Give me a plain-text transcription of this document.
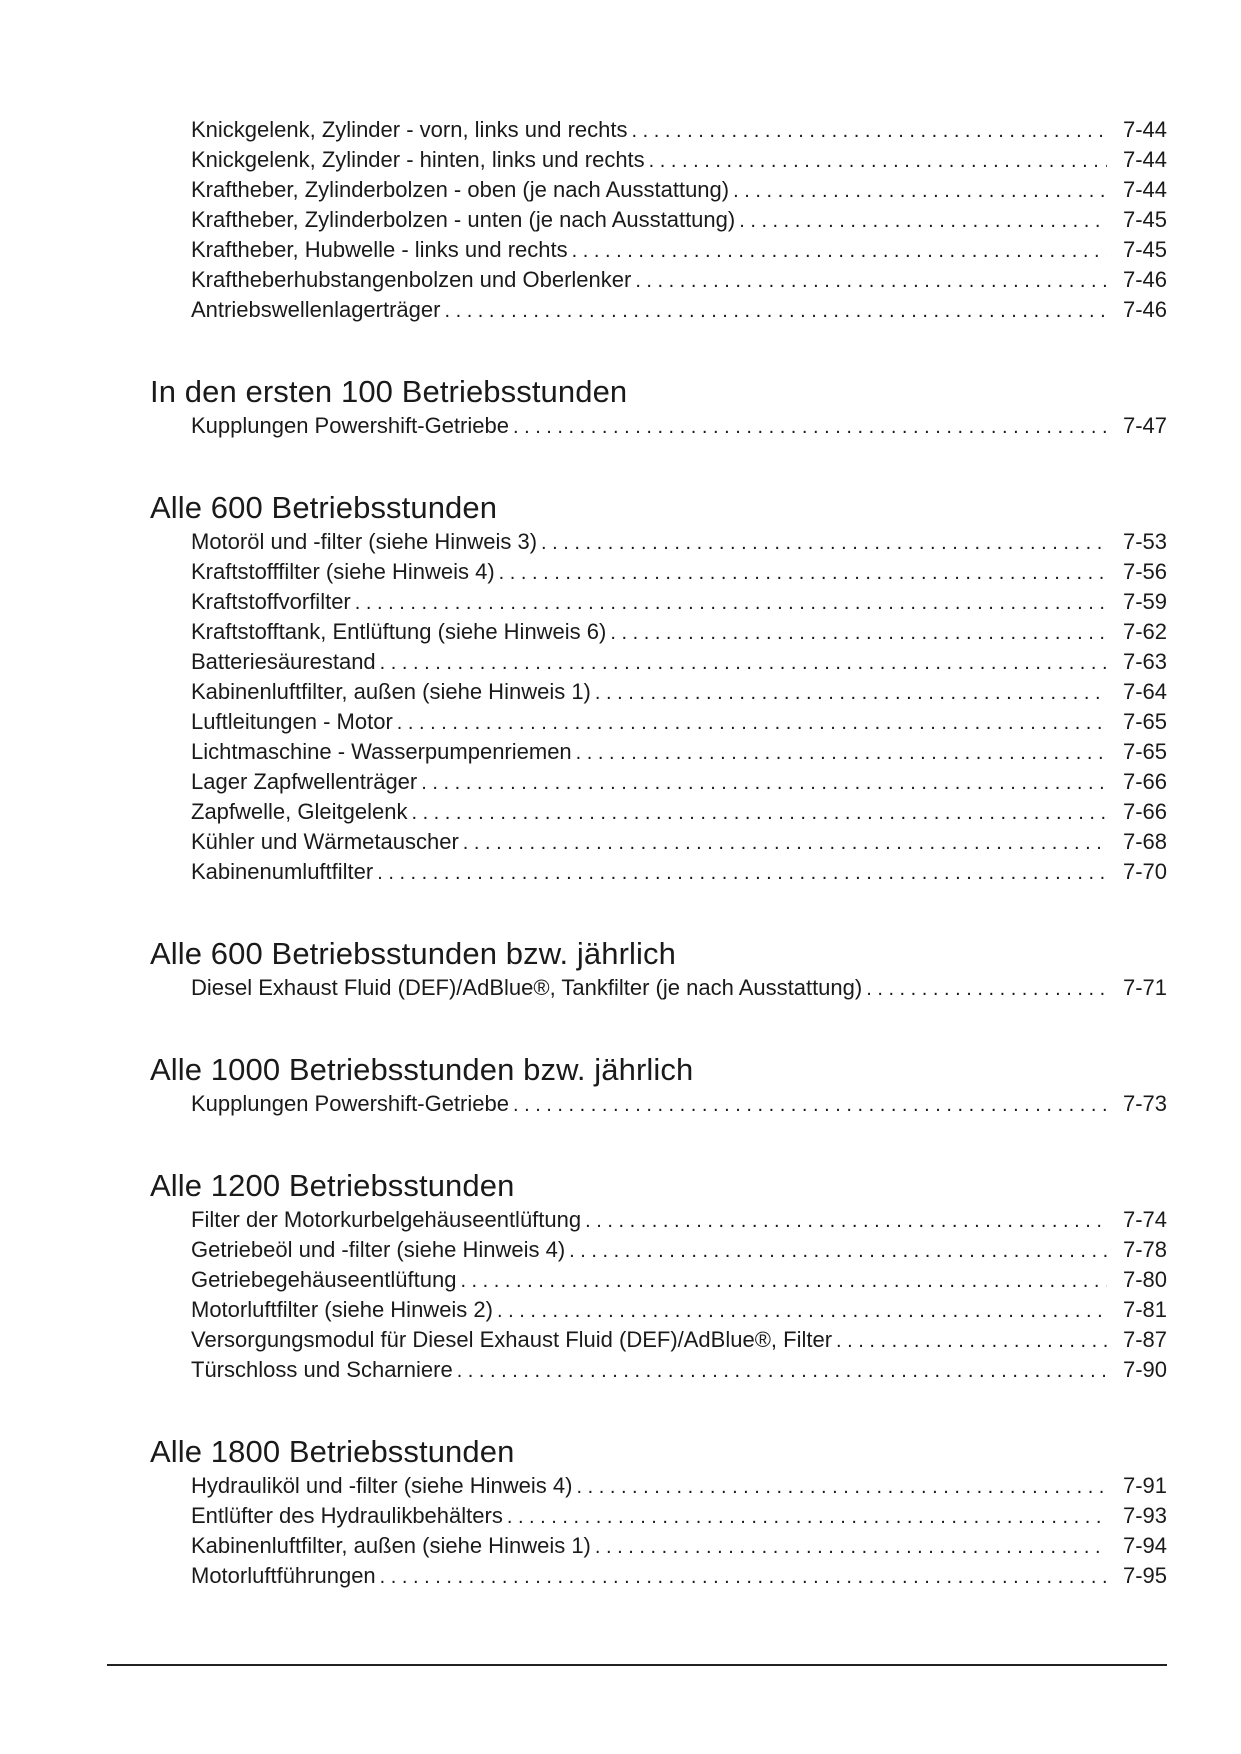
Knickgelenk, Zylinder - vorn, links und rechts . . .	7-44
Knickgelenk, Zylinder - hinten, links und rechts . . .	7-44
Kraftheber, Zylinderbolzen - oben (je nach Ausstattung) . . .	7-44
Kraftheber, Zylinderbolzen - unten (je nach Ausstattung) . . .	7-45
Kraftheber, Hubwelle - links und rechts . . .	7-45
Kraftheberhubstangenbolzen und Oberlenker . . .	7-46
Antriebswellenlagerträger . . .	7-46
In den ersten 100 Betriebsstunden
Kupplungen Powershift-Getriebe . . .	7-47
Alle 600 Betriebsstunden
Motoröl und -filter (siehe Hinweis 3) . . .	7-53
Kraftstofffilter (siehe Hinweis 4) . . .	7-56
Kraftstoffvorfilter . . .	7-59
Kraftstofftank, Entlüftung (siehe Hinweis 6) . . .	7-62
Batteriesäurestand . . .	7-63
Kabinenluftfilter, außen (siehe Hinweis 1) . . .	7-64
Luftleitungen - Motor . . .	7-65
Lichtmaschine - Wasserpumpenriemen . . .	7-65
Lager Zapfwellenträger . . .	7-66
Zapfwelle, Gleitgelenk . . .	7-66
Kühler und Wärmetauscher . . .	7-68
Kabinenumluftfilter . . .	7-70
Alle 600 Betriebsstunden bzw. jährlich
Diesel Exhaust Fluid (DEF)/AdBlue®, Tankfilter (je nach Ausstattung) . . .	7-71
Alle 1000 Betriebsstunden bzw. jährlich
Kupplungen Powershift-Getriebe . . .	7-73
Alle 1200 Betriebsstunden
Filter der Motorkurbelgehäuseentlüftung . . .	7-74
Getriebeöl und -filter (siehe Hinweis 4) . . .	7-78
Getriebegehäuseentlüftung . . .	7-80
Motorluftfilter (siehe Hinweis 2) . . .	7-81
Versorgungsmodul für Diesel Exhaust Fluid (DEF)/AdBlue®, Filter . . .	7-87
Türschloss und Scharniere . . .	7-90
Alle 1800 Betriebsstunden
Hydrauliköl und -filter (siehe Hinweis 4) . . .	7-91
Entlüfter des Hydraulikbehälters . . .	7-93
Kabinenluftfilter, außen (siehe Hinweis 1) . . .	7-94
Motorluftführungen . . .	7-95
